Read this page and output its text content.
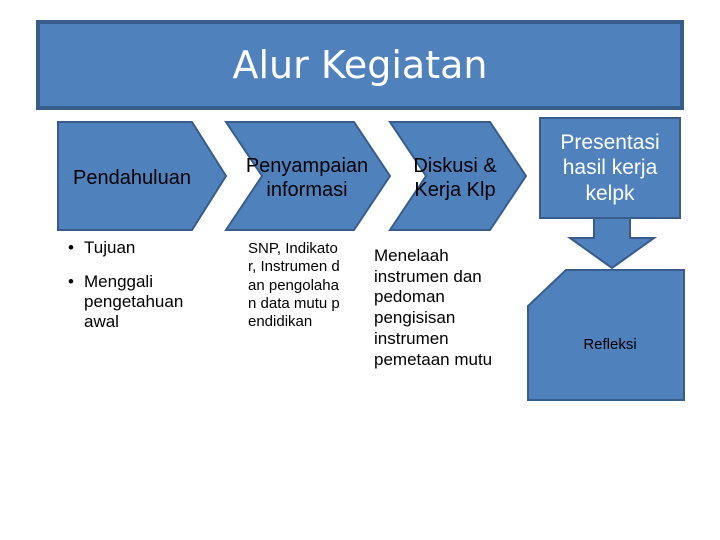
Alur Kegiatan
Pendahuluan
Penyampaian informasi
Diskusi & Kerja Klp
Presentasi hasil kerja kelpk
Refleksi
• Tujuan
• Menggali pengetahuan awal
SNP, Indikator, Instrumen dan pengolahan data mutu pendidikan
Menelaah instrumen dan pedoman pengisisan instrumen pemetaan mutu
